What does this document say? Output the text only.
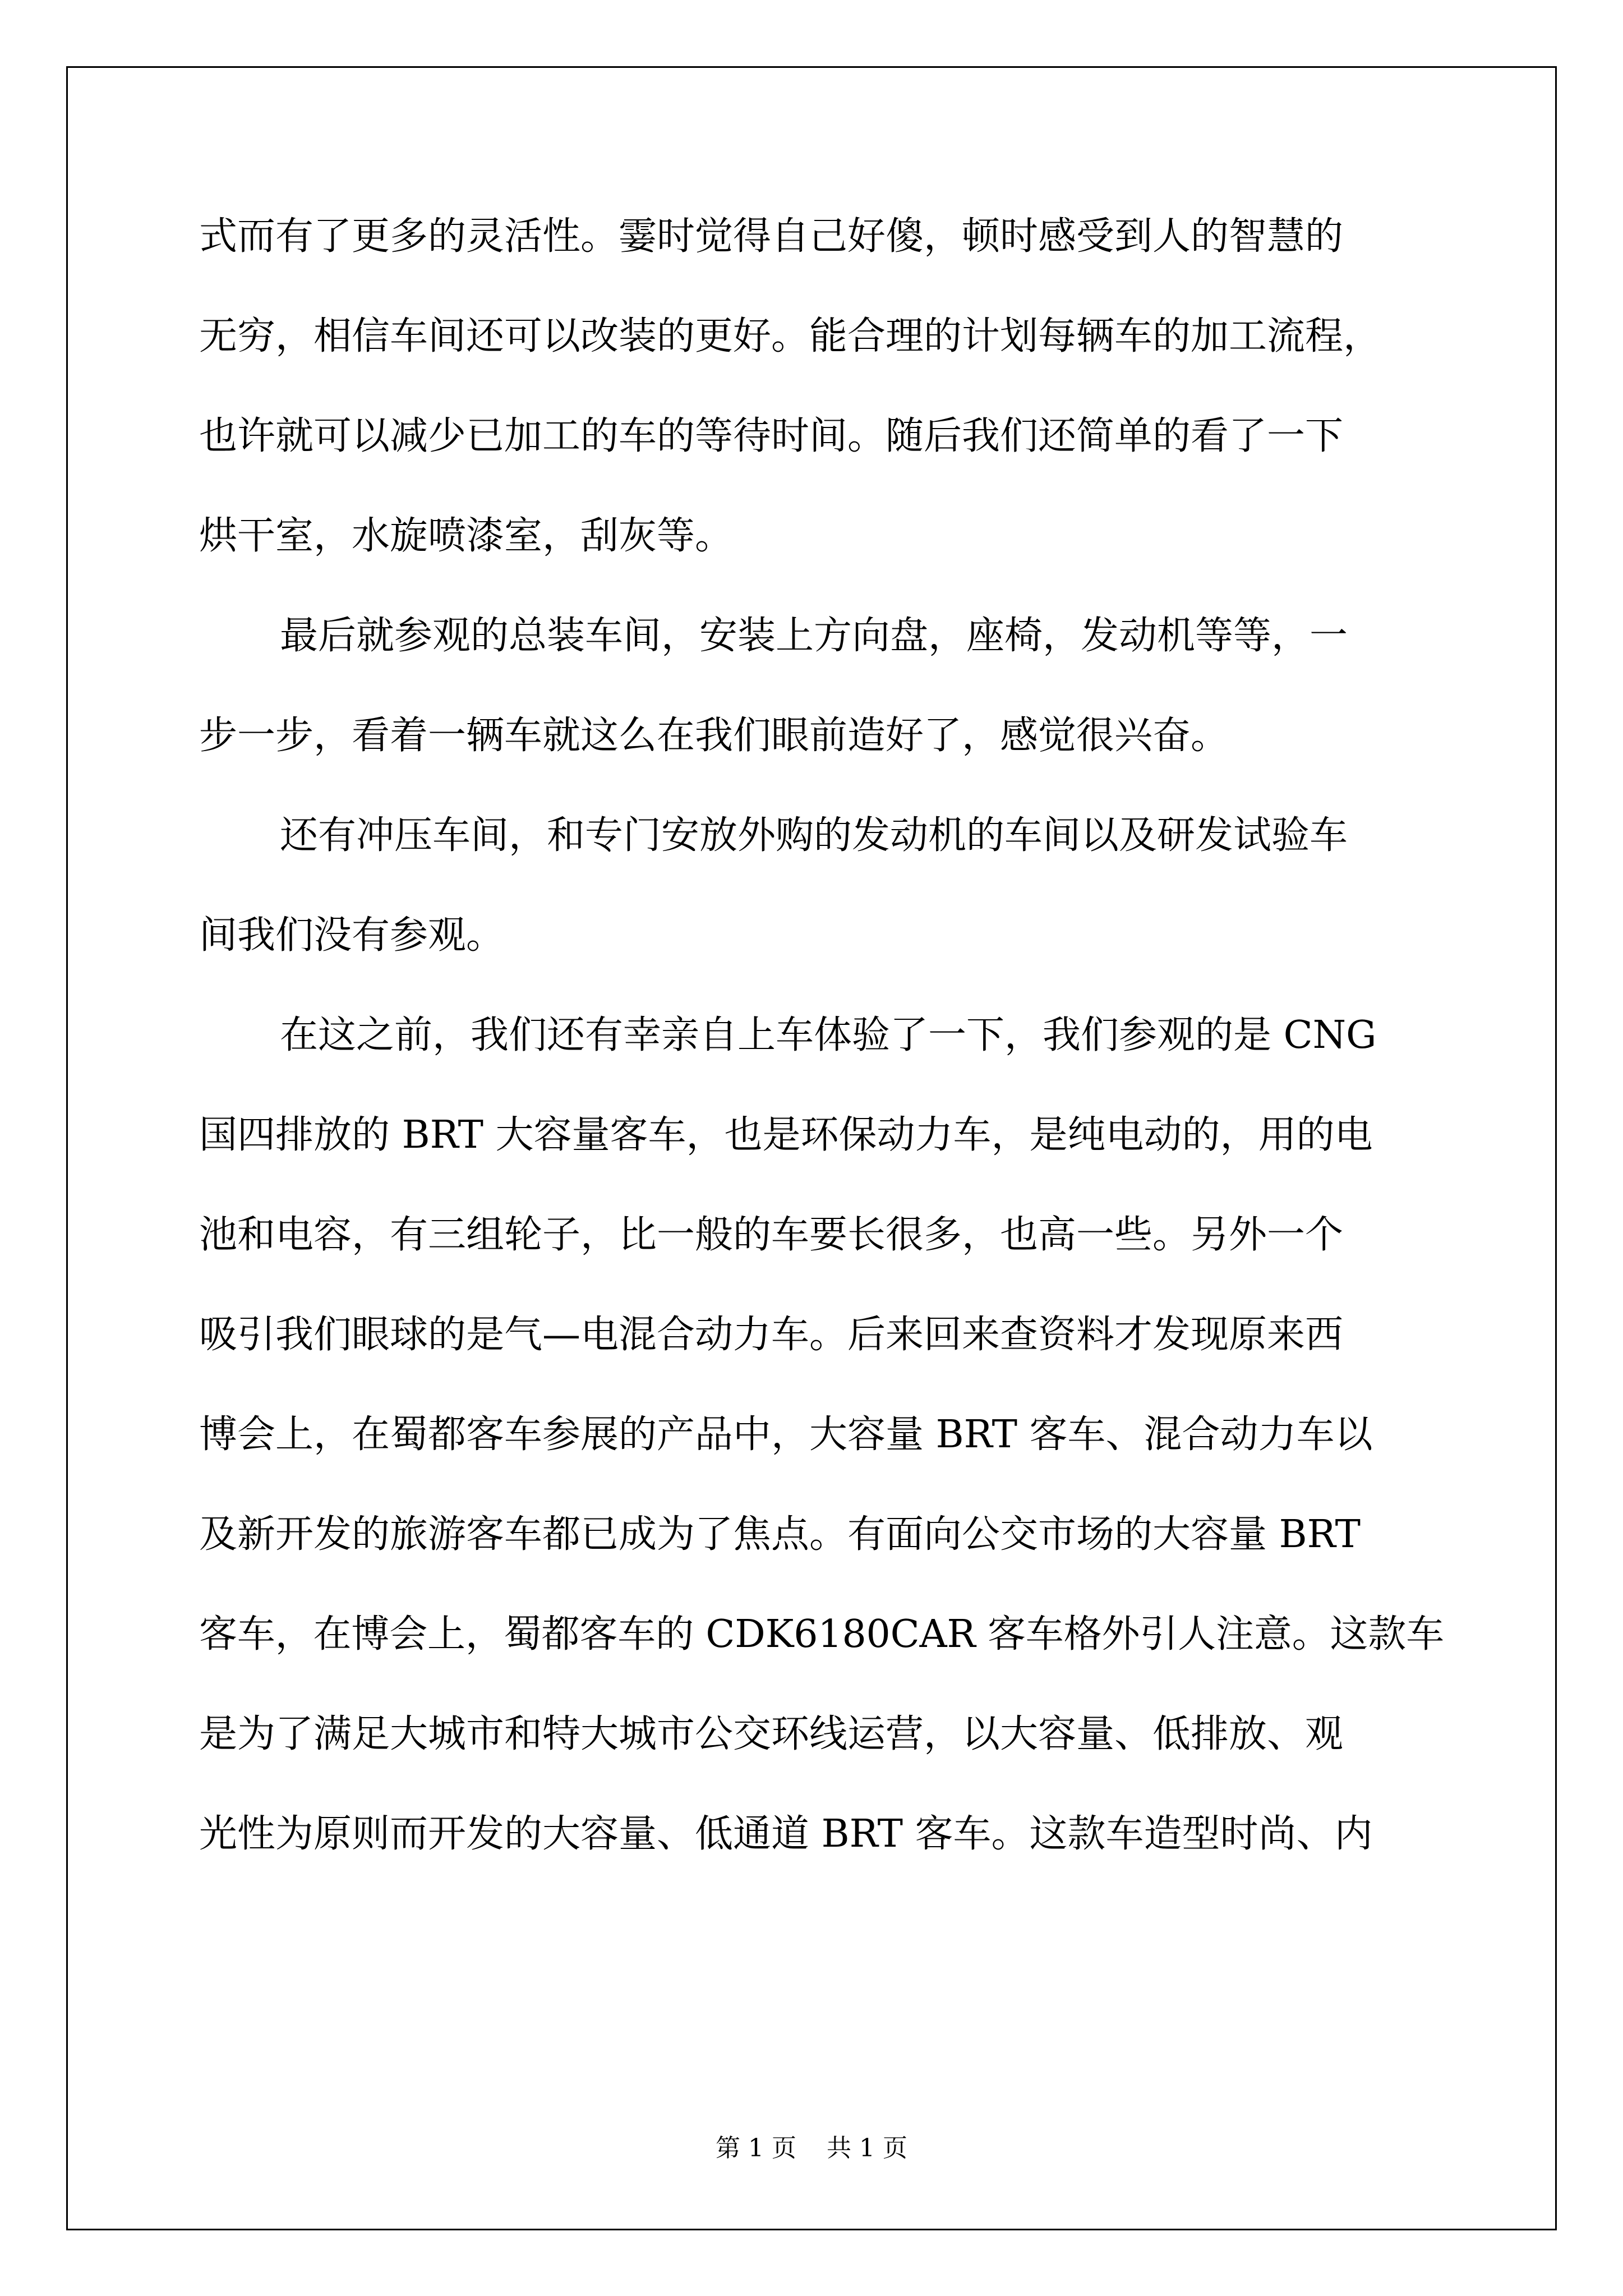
式而有了更多的灵活性。霎时觉得自己好傻，顿时感受到人的智慧的
无穷，相信车间还可以改装的更好。能合理的计划每辆车的加工流程，
也许就可以减少已加工的车的等待时间。随后我们还简单的看了一下
烘干室，水旋喷漆室，刮灰等。
最后就参观的总装车间，安装上方向盘，座椅，发动机等等，一
步一步，看着一辆车就这么在我们眼前造好了，感觉很兴奋。
还有冲压车间，和专门安放外购的发动机的车间以及研发试验车
间我们没有参观。
在这之前，我们还有幸亲自上车体验了一下，我们参观的是 CNG
国四排放的 BRT 大容量客车，也是环保动力车，是纯电动的，用的电
池和电容，有三组轮子，比一般的车要长很多，也高一些。另外一个
吸引我们眼球的是气—电混合动力车。后来回来查资料才发现原来西
博会上，在蜀都客车参展的产品中，大容量 BRT 客车、混合动力车以
及新开发的旅游客车都已成为了焦点。有面向公交市场的大容量 BRT
客车，在博会上，蜀都客车的 CDK6180CAR 客车格外引人注意。这款车
是为了满足大城市和特大城市公交环线运营，以大容量、低排放、观
光性为原则而开发的大容量、低通道 BRT 客车。这款车造型时尚、内
第 1 页 共 1 页
